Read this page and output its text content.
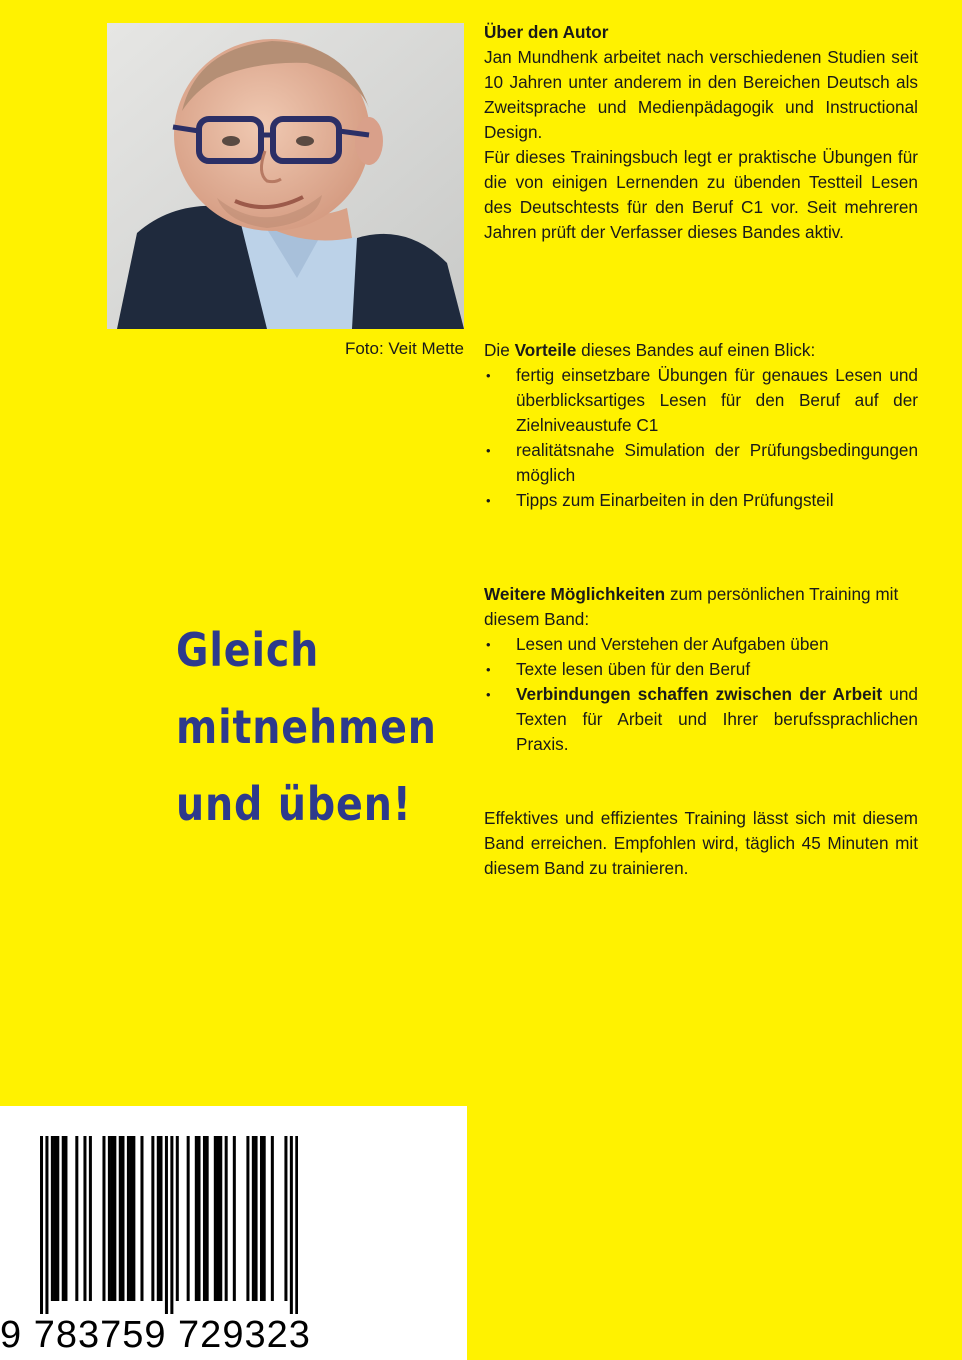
Foto: Veit Mette

Über den Autor

Jan Mundhenk arbeitet nach verschiedenen Studien seit 10 Jahren unter anderem in den Bereichen Deutsch als Zweitsprache und Medienpädagogik und Instructional Design.

Für dieses Trainingsbuch legt er praktische Übungen für die von einigen Lernenden zu übenden Testteil Lesen des Deutschtests für den Beruf C1 vor. Seit mehreren Jahren prüft der Verfasser dieses Bandes aktiv.

Die Vorteile dieses Bandes auf einen Blick:

• fertig einsetzbare Übungen für genaues Lesen und überblicksartiges Lesen für den Beruf auf der Zielniveaustufe C1
• realitätsnahe Simulation der Prüfungsbedingungen möglich
• Tipps zum Einarbeiten in den Prüfungsteil

Weitere Möglichkeiten zum persönlichen Training mit diesem Band:

• Lesen und Verstehen der Aufgaben üben
• Texte lesen üben für den Beruf
• Verbindungen schaffen zwischen der Arbeit und Texten für Arbeit und Ihrer berufssprachlichen Praxis.

Effektives und effizientes Training lässt sich mit diesem Band erreichen. Empfohlen wird, täglich 45 Minuten mit diesem Band zu trainieren.

Gleich
mitnehmen
und üben!
9 783759 729323
